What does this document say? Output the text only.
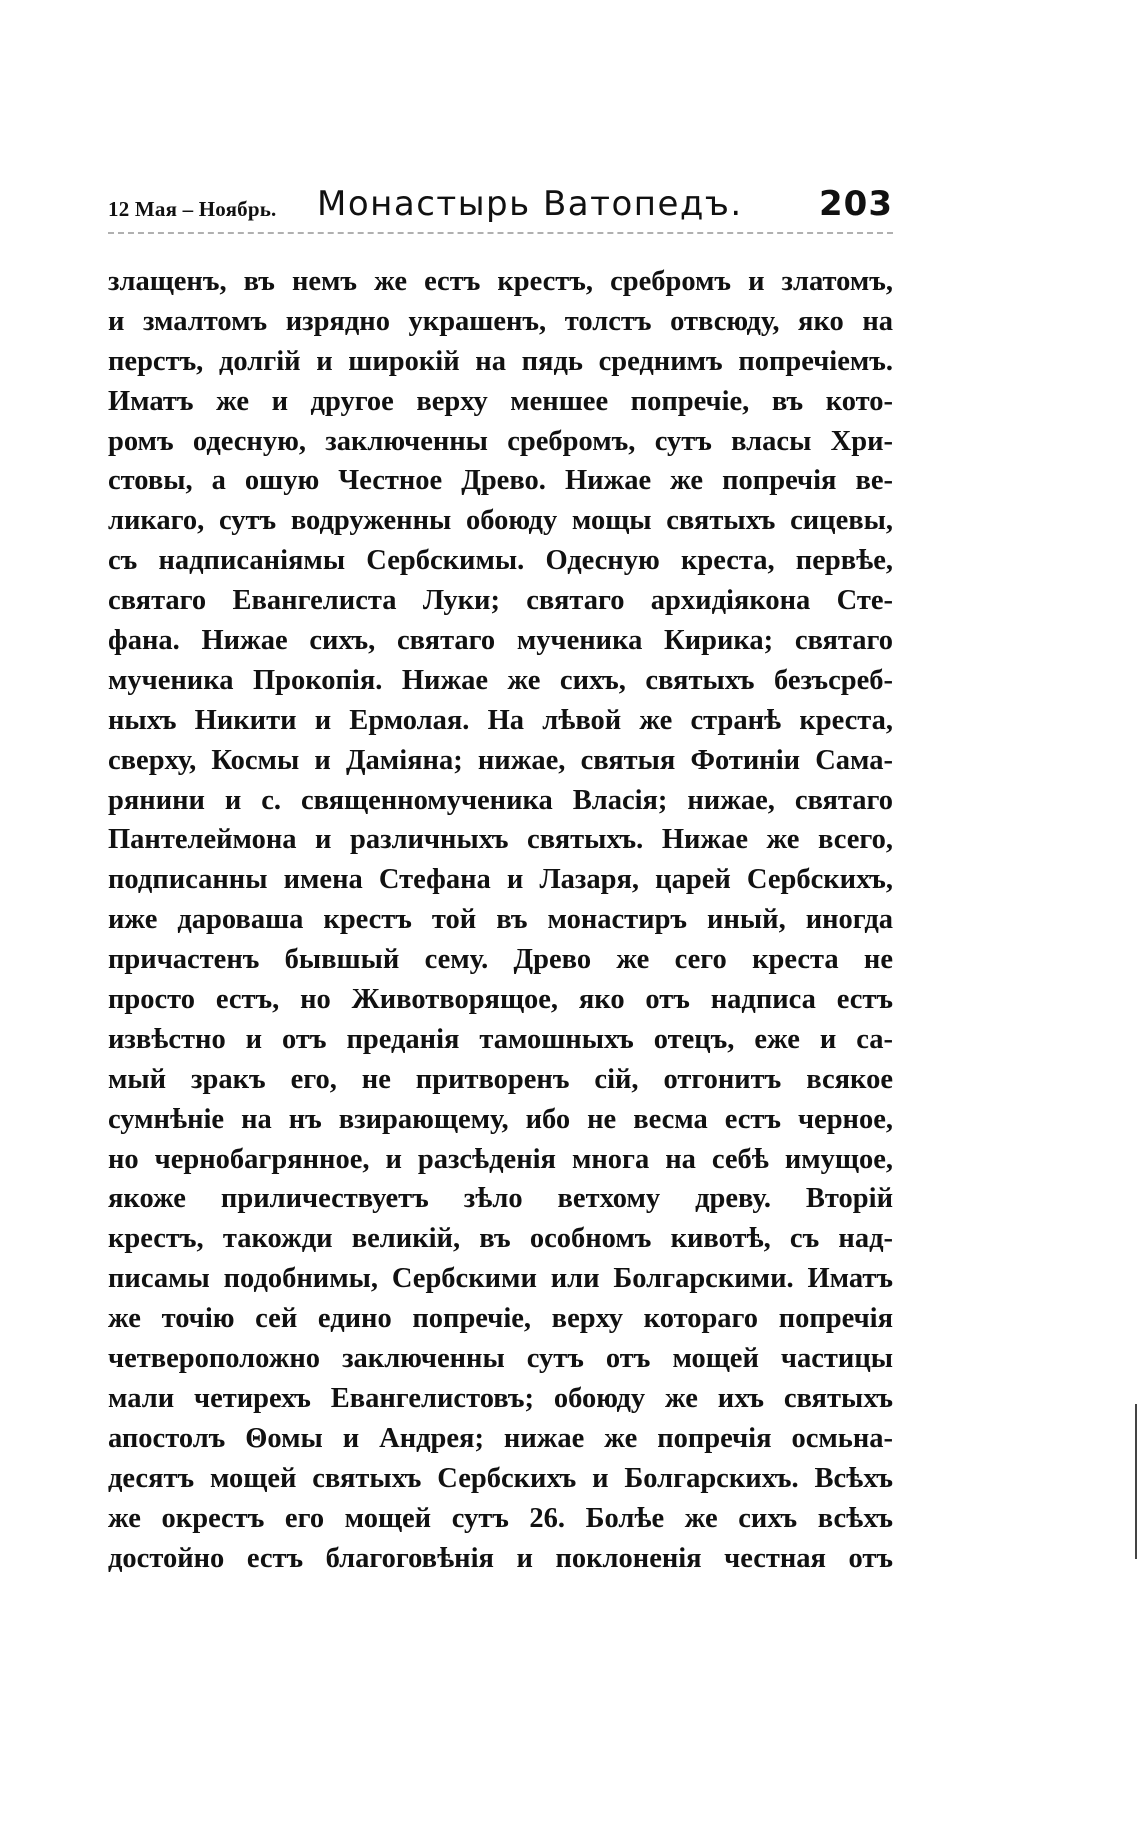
12 Мая – Ноябрь. Монастырь Ватопедъ. 203
злащенъ, въ немъ же естъ крестъ, сребромъ и златомъ,
и змалтомъ изрядно украшенъ, толстъ отвсюду, яко на
перстъ, долгій и широкій на пядь среднимъ попречіемъ.
Иматъ же и другое верху меншее попречіе, въ кото-
ромъ одесную, заключенны сребромъ, сутъ власы Хри-
стовы, а ошую Честное Древо. Нижае же попречія ве-
ликаго, сутъ водруженны обоюду мощы святыхъ сицевы,
съ надписаніямы Сербскимы. Одесную креста, первѣе,
святаго Евангелиста Луки; святаго архидіякона Сте-
фана. Нижае сихъ, святаго мученика Кирика; святаго
мученика Прокопія. Нижае же сихъ, святыхъ безъсреб-
ныхъ Никити и Ермолая. На лѣвой же странѣ креста,
сверху, Космы и Даміяна; нижае, святыя Фотиніи Сама-
рянини и с. священномученика Власія; нижае, святаго
Пантелеймона и различныхъ святыхъ. Нижае же всего,
подписанны имена Стефана и Лазаря, царей Сербскихъ,
иже дароваша крестъ той въ монастиръ иный, иногда
причастенъ бывшый сему. Древо же сего креста не
просто естъ, но Животворящое, яко отъ надписа естъ
извѣстно и отъ преданія тамошныхъ отецъ, еже и са-
мый зракъ его, не притворенъ сій, отгонитъ всякое
сумнѣніе на нъ взирающему, ибо не весма естъ черное,
но чернобагрянное, и разсѣденія многа на себѣ имущое,
якоже приличествуетъ зѣло ветхому древу. Вторій
крестъ, такожди великій, въ особномъ кивотѣ, съ над-
писамы подобнимы, Сербскими или Болгарскими. Иматъ
же точію сей едино попречіе, верху котораго попречія
четвероположно заключенны сутъ отъ мощей частицы
мали четирехъ Евангелистовъ; обоюду же ихъ святыхъ
апостолъ Θомы и Андрея; нижае же попречія осмьна-
десятъ мощей святыхъ Сербскихъ и Болгарскихъ. Всѣхъ
же окрестъ его мощей сутъ 26. Болѣе же сихъ всѣхъ
достойно естъ благоговѣнія и поклоненія честная отъ
